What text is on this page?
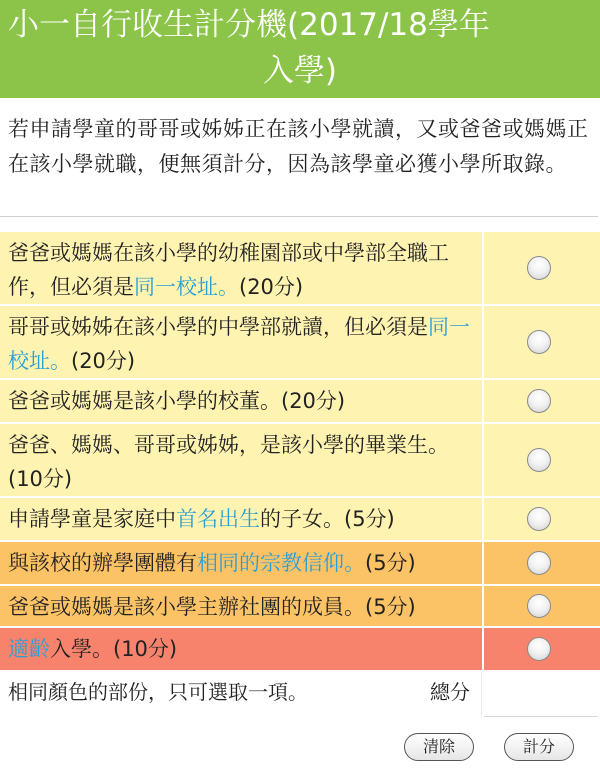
小一自行收生計分機(2017/18學年
入學)
若申請學童的哥哥或姊姊正在該小學就讀，又或爸爸或媽媽正在該小學就職，便無須計分，因為該學童必獲小學所取錄。
爸爸或媽媽在該小學的幼稚園部或中學部全職工作，但必須是同一校址。(20分)
哥哥或姊姊在該小學的中學部就讀，但必須是同一校址。(20分)
爸爸或媽媽是該小學的校董。(20分)
爸爸、媽媽、哥哥或姊姊，是該小學的畢業生。(10分)
申請學童是家庭中首名出生的子女。(5分)
與該校的辦學團體有相同的宗教信仰。(5分)
爸爸或媽媽是該小學主辦社團的成員。(5分)
適齡入學。(10分)
相同顏色的部份，只可選取一項。	總分
清除	計分
